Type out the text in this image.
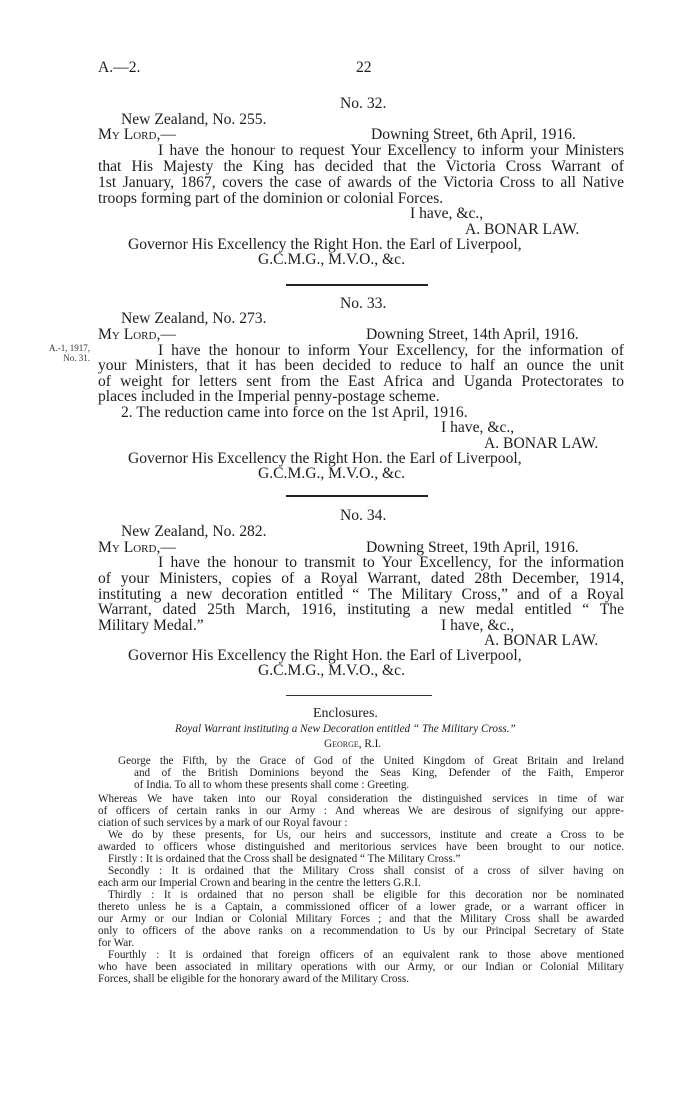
A.—2.	22
No. 32.
New Zealand, No. 255.
My Lord,—	Downing Street, 6th April, 1916.
I have the honour to request Your Excellency to inform your Ministers
that His Majesty the King has decided that the Victoria Cross Warrant of
1st January, 1867, covers the case of awards of the Victoria Cross to all Native
troops forming part of the dominion or colonial Forces.
I have, &c.,
A. BONAR LAW.
Governor His Excellency the Right Hon. the Earl of Liverpool,
G.C.M.G., M.V.O., &c.
No. 33.
New Zealand, No. 273.
My Lord,—	Downing Street, 14th April, 1916.
A.-1, 1917,
No. 31.	I have the honour to inform Your Excellency, for the information of
your Ministers, that it has been decided to reduce to half an ounce the unit
of weight for letters sent from the East Africa and Uganda Protectorates to
places included in the Imperial penny-postage scheme.
2. The reduction came into force on the 1st April, 1916.
I have, &c.,
A. BONAR LAW.
Governor His Excellency the Right Hon. the Earl of Liverpool,
G.C.M.G., M.V.O., &c.
No. 34.
New Zealand, No. 282.
My Lord,—	Downing Street, 19th April, 1916.
I have the honour to transmit to Your Excellency, for the information
of your Ministers, copies of a Royal Warrant, dated 28th December, 1914,
instituting a new decoration entitled “ The Military Cross,” and of a Royal
Warrant, dated 25th March, 1916, instituting a new medal entitled “ The
Military Medal.”	I have, &c.,
A. BONAR LAW.
Governor His Excellency the Right Hon. the Earl of Liverpool,
G.C.M.G., M.V.O., &c.
Enclosures.
Royal Warrant instituting a New Decoration entitled “ The Military Cross.”
George, R.I.
George the Fifth, by the Grace of God of the United Kingdom of Great Britain and Ireland
and of the British Dominions beyond the Seas King, Defender of the Faith, Emperor
of India. To all to whom these presents shall come : Greeting.
Whereas We have taken into our Royal consideration the distinguished services in time of war
of officers of certain ranks in our Army : And whereas We are desirous of signifying our appre-
ciation of such services by a mark of our Royal favour :
We do by these presents, for Us, our heirs and successors, institute and create a Cross to be
awarded to officers whose distinguished and meritorious services have been brought to our notice.
Firstly : It is ordained that the Cross shall be designated “ The Military Cross.”
Secondly : It is ordained that the Military Cross shall consist of a cross of silver having on
each arm our Imperial Crown and bearing in the centre the letters G.R.I.
Thirdly : It is ordained that no person shall be eligible for this decoration nor be nominated
thereto unless he is a Captain, a commissioned officer of a lower grade, or a warrant officer in
our Army or our Indian or Colonial Military Forces ; and that the Military Cross shall be awarded
only to officers of the above ranks on a recommendation to Us by our Principal Secretary of State
for War.
Fourthly : It is ordained that foreign officers of an equivalent rank to those above mentioned
who have been associated in military operations with our Army, or our Indian or Colonial Military
Forces, shall be eligible for the honorary award of the Military Cross.
